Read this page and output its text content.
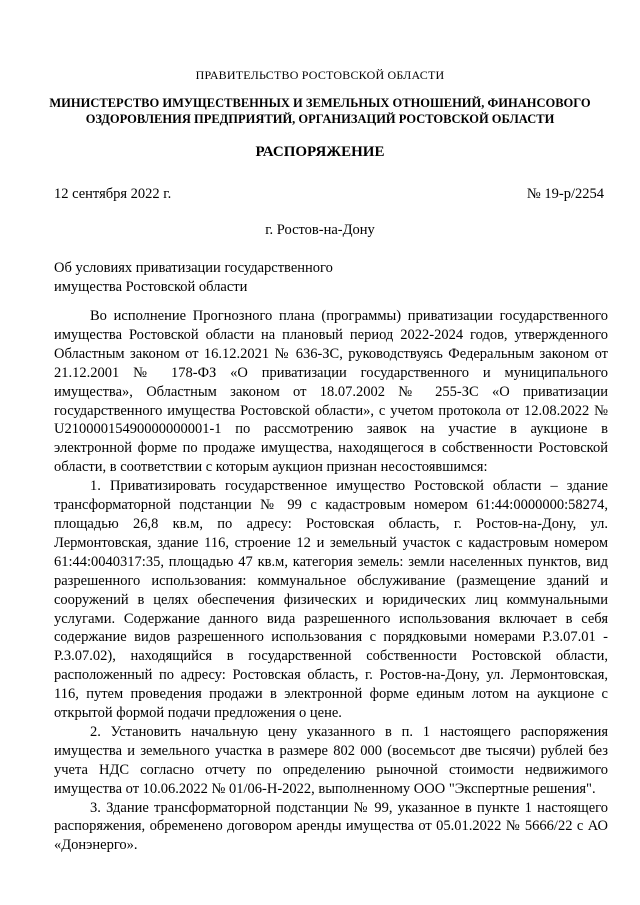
ПРАВИТЕЛЬСТВО РОСТОВСКОЙ ОБЛАСТИ
МИНИСТЕРСТВО ИМУЩЕСТВЕННЫХ И ЗЕМЕЛЬНЫХ ОТНОШЕНИЙ, ФИНАНСОВОГО
ОЗДОРОВЛЕНИЯ ПРЕДПРИЯТИЙ, ОРГАНИЗАЦИЙ РОСТОВСКОЙ ОБЛАСТИ
РАСПОРЯЖЕНИЕ
12 сентября 2022 г.	№ 19-р/2254
г. Ростов-на-Дону
Об условиях приватизации государственного
имущества Ростовской области

Во исполнение Прогнозного плана (программы) приватизации государственного имущества Ростовской области на плановый период 2022-2024 годов, утвержденного Областным законом от 16.12.2021 № 636-ЗС, руководствуясь Федеральным законом от 21.12.2001 № 178-ФЗ «О приватизации государственного и муниципального имущества», Областным законом от 18.07.2002 № 255-ЗС «О приватизации государственного имущества Ростовской области», с учетом протокола от 12.08.2022 № U21000015490000000001-1 по рассмотрению заявок на участие в аукционе в электронной форме по продаже имущества, находящегося в собственности Ростовской области, в соответствии с которым аукцион признан несостоявшимся:

1. Приватизировать государственное имущество Ростовской области – здание трансформаторной подстанции № 99 с кадастровым номером 61:44:0000000:58274, площадью 26,8 кв.м, по адресу: Ростовская область, г. Ростов-на-Дону, ул. Лермонтовская, здание 116, строение 12 и земельный участок с кадастровым номером 61:44:0040317:35, площадью 47 кв.м, категория земель: земли населенных пунктов, вид разрешенного использования: коммунальное обслуживание (размещение зданий и сооружений в целях обеспечения физических и юридических лиц коммунальными услугами. Содержание данного вида разрешенного использования включает в себя содержание видов разрешенного использования с порядковыми номерами Р.3.07.01 - Р.3.07.02), находящийся в государственной собственности Ростовской области, расположенный по адресу: Ростовская область, г. Ростов-на-Дону, ул. Лермонтовская, 116, путем проведения продажи в электронной форме единым лотом на аукционе с открытой формой подачи предложения о цене.

2. Установить начальную цену указанного в п. 1 настоящего распоряжения имущества и земельного участка в размере 802 000 (восемьсот две тысячи) рублей без учета НДС согласно отчету по определению рыночной стоимости недвижимого имущества от 10.06.2022 № 01/06-Н-2022, выполненному ООО "Экспертные решения".

3. Здание трансформаторной подстанции № 99, указанное в пункте 1 настоящего распоряжения, обременено договором аренды имущества от 05.01.2022 № 5666/22 с АО «Донэнерго».
